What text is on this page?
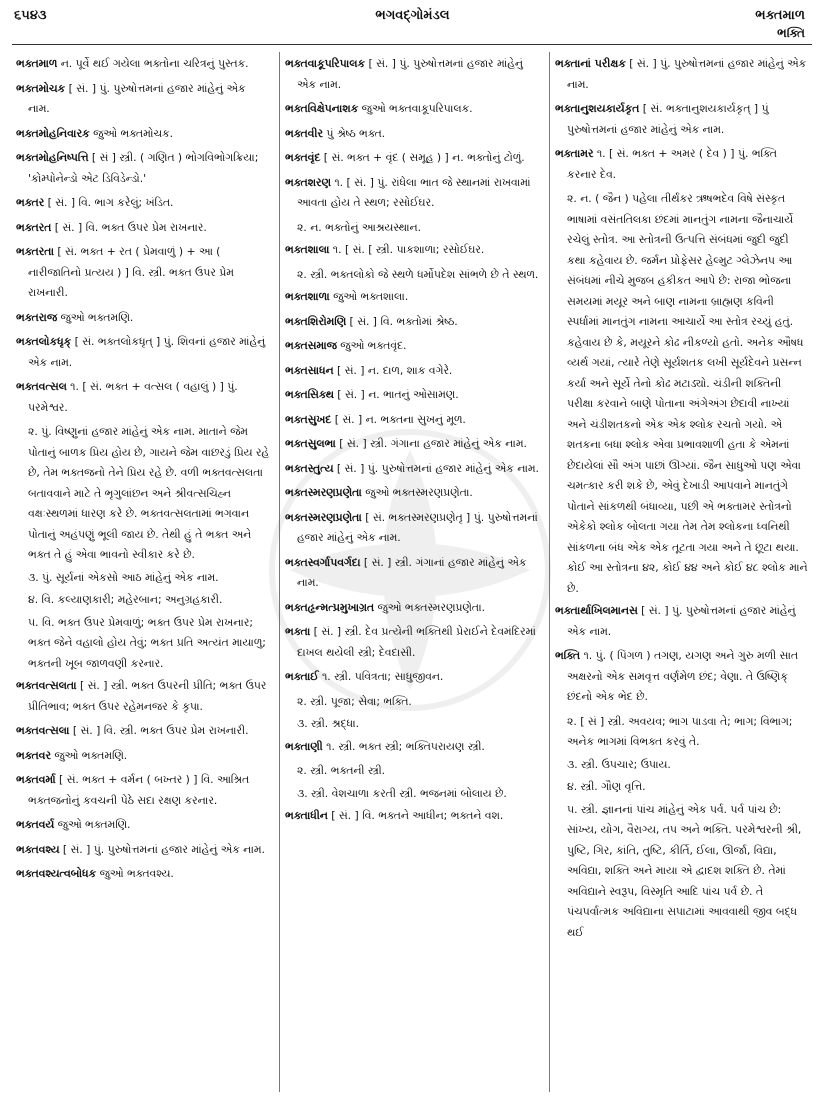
૬૫૪૩	ભગવદ્ગોમંડલ	ભક્તમાળ
ભક્તિ
ભક્તમાળ ન. પૂર્વે થઈ ગયેલા ભક્તોના ચરિત્રનું પુસ્તક.
ભક્તમોચક [ સં. ] પું. પુરુષોત્તમનાં હજાર માંહેનું એક નામ.
ભક્તમોહનિવારક જુઓ ભક્તમોચક.
ભક્તમોહનિષ્પત્તિ [ સં ] સ્ત્રી. ( ગણિત ) ભોગવિભોગક્રિયા; 'કોમ્પોનેન્ડો એટ ડિવિડેન્ડો.'
ભક્તર [ સં. ] વિ. ભાગ કરેલું; ખંડિત.
ભક્તરત [ સં. ] વિ. ભક્ત ઉપર પ્રેમ રાખનાર.
ભક્તરતા [ સં. ભક્ત + રત ( પ્રેમવાળું ) + આ ( નારીજાતિનો પ્રત્યય ) ] વિ. સ્ત્રી. ભક્ત ઉપર પ્રેમ રાખનારી.
ભક્તરાજ જુઓ ભક્તમણિ.
ભક્તલોકધૃક્ [ સં. ભક્તલોકધૃત્ ] પું. શિવનાં હજાર માંહેનું એક નામ.
ભક્તવત્સલ ૧. [ સં. ભક્ત + વત્સલ ( વહાલું ) ] પું. પરમેશ્વર.
૨. પું. વિષ્ણુનાં હજાર માંહેનું એક નામ. માતાને જેમ પોતાનું બાળક પ્રિય હોય છે, ગાયને જેમ વાછરડું પ્રિય રહે છે, તેમ ભક્તજનો તેને પ્રિય રહે છે. વળી ભક્તવત્સલતા બતાવવાને માટે તે ભૃગુલાંછન અને શ્રીવત્સચિહ્ન વક્ષઃસ્થળમાં ધારણ કરે છે. ભક્તવત્સલતામાં ભગવાન પોતાનું અહંપણું ભૂલી જાય છે. તેથી હું તે ભક્ત અને ભક્ત તે હું એવા ભાવનો સ્વીકાર કરે છે.
૩. પું. સૂર્યનાં એકસો આઠ માંહેનું એક નામ.
૪. વિ. કલ્યાણકારી; મહેરબાન; અનુગ્રહકારી.
૫. વિ. ભક્ત ઉપર પ્રેમવાળું; ભક્ત ઉપર પ્રેમ રાખનાર; ભક્ત જેને વહાલો હોય તેવું; ભક્ત પ્રતિ અત્યંત માયાળુ; ભક્તની ખૂબ જાળવણી કરનાર.
ભક્તવત્સલતા [ સં. ] સ્ત્રી. ભક્ત ઉપરની પ્રીતિ; ભક્ત ઉપર પ્રીતિભાવ; ભક્ત ઉપર રહેમનજર કે કૃપા.
ભક્તવત્સલા [ સં. ] વિ. સ્ત્રી. ભક્ત ઉપર પ્રેમ રાખનારી.
ભક્તવર જુઓ ભક્તમણિ.
ભક્તવર્મા [ સં. ભક્ત + વર્મન ( બખ્તર ) ] વિ. આશ્રિત ભક્તજનોનું કવચની પેઠે સદા રક્ષણ કરનાર.
ભક્તવર્ય જુઓ ભક્તમણિ.
ભક્તવશ્ય [ સં. ] પું. પુરુષોત્તમનાં હજાર માંહેનું એક નામ.
ભક્તવશ્યત્વબોધક જુઓ ભક્તવશ્ય.
ભક્તવાકૂપરિપાલક [ સં. ] પું. પુરુષોત્તમનાં હજાર માંહેનું એક નામ.
ભક્તવિક્ષેપનાશક જુઓ ભક્તવાકૂપરિપાલક.
ભક્તવીર પું શ્રેષ્ઠ ભક્ત.
ભક્તવૃંદ [ સં. ભક્ત + વૃંદ ( સમૂહ ) ] ન. ભક્તોનું ટોળું.
ભક્તશરણ ૧. [ સં. ] પું. રાંધેલા ભાત જે સ્થાનમાં રાખવામાં આવતા હોય તે સ્થળ; રસોઈઘર.
૨. ન. ભક્તોનું આશ્રયસ્થાન.
ભક્તશાલા ૧. [ સં. [ સ્ત્રી. પાકશાળા; રસોઈઘર.
૨. સ્ત્રી. ભક્તલોકો જે સ્થળે ધર્મોપદેશ સાંભળે છે તે સ્થળ.
ભક્તશાળા જુઓ ભક્તશાલા.
ભક્તશિરોમણિ [ સં. ] વિ. ભક્તોમાં શ્રેષ્ઠ.
ભક્તસમાજ જુઓ ભક્તવૃંદ.
ભક્તસાધન [ સં. ] ન. દાળ, શાક વગેરે.
ભક્તસિક્થ [ સં. ] ન. ભાતનું ઓસામણ.
ભક્તસુખદ [ સં. ] ન. ભક્તના સુખનું મૂળ.
ભક્તસુલભા [ સં. ] સ્ત્રી. ગંગાના હજાર માંહેનું એક નામ.
ભક્તસ્તુત્ય [ સં. ] પું. પુરુષોત્તમનાં હજાર માંહેનું એક નામ.
ભક્તસ્મરણપ્રણેતા જુઓ ભક્તસ્મરણપ્રણેતા.
ભક્તસ્મરણપ્રણેતા [ સં. ભક્તસ્મરણપ્રણેતૃ ] પું. પુરુષોત્તમનાં હજાર માંહેનું એક નામ.
ભક્તસ્વર્ગાપવર્ગદા [ સં. ] સ્ત્રી. ગંગાનાં હજાર માંહેનું એક નામ.
ભક્તહૃન્મત્પ્રમુખાગ્રત જુઓ ભક્તસ્મરણપ્રણેતા.
ભક્તા [ સં. ] સ્ત્રી. દેવ પ્રત્યેની ભક્તિથી પ્રેરાઈને દેવમંદિરમાં દાખલ થયેલી સ્ત્રી; દેવદાસી.
ભક્તાઈ ૧. સ્ત્રી. પવિત્રતા; સાધુજીવન.
૨. સ્ત્રી. પૂજા; સેવા; ભક્તિ.
૩. સ્ત્રી. શ્રદ્ધા.
ભક્તાણી ૧. સ્ત્રી. ભક્ત સ્ત્રી; ભક્તિપરાયણ સ્ત્રી.
૨. સ્ત્રી. ભક્તની સ્ત્રી.
૩. સ્ત્રી. વેશચાળા કરતી સ્ત્રી. ભજનમાં બોલાય છે.
ભક્તાધીન [ સં. ] વિ. ભક્તને આધીન; ભક્તને વશ.
ભક્તાનાં પરીક્ષક [ સં. ] પું. પુરુષોત્તમનાં હજાર માંહેનું એક નામ.
ભક્તાનુશયકાર્યકૃત [ સં. ભક્તાનુશયકાર્યકૃત્ ] પું પુરુષોત્તમનાં હજાર માંહેનું એક નામ.
ભક્તામર ૧. [ સં. ભક્ત + અમર ( દેવ ) ] પું. ભક્તિ કરનાર દેવ.
૨. ન. ( જૈન ) પહેલા તીર્થંકર ઋષભદેવ વિષે સંસ્કૃત ભાષામાં વસંતતિલકા છંદમાં માનતુંગ નામના જૈનાચાર્યે રચેલું સ્તોત્ર. આ સ્તોત્રની ઉત્પત્તિ સંબંધમાં જુદી જુદી કથા કહેવાય છે. જર્મન પ્રોફેસર હેલ્મુટ ગ્લેઝેનપ આ સંબંધમાં નીચે મુજબ હકીકત આપે છે: રાજા ભોજના સમયમાં મયૂર અને બાણ નામના બ્રાહ્મણ કવિની સ્પર્ધામાં માનતુંગ નામના આચાર્યે આ સ્તોત્ર રચ્યું હતું. કહેવાય છે કે, મયૂરને કોઢ નીકળ્યો હતો. અનેક ઔષધ વ્યર્થ ગયાં, ત્યારે તેણે સૂર્યશતક લખી સૂર્યદેવને પ્રસન્ન કર્યા અને સૂર્યે તેનો કોઢ મટાડ્યો. ચંડીની શક્તિની પરીક્ષા કરવાને બાણે પોતાના અંગેઅંગ છેદાવી નાખ્યાં અને ચંડીશતકનો એક એક શ્લોક રચતો ગયો. એ શતકના બધા શ્લોક એવા પ્રભાવશાળી હતા કે એમનાં છેદાયેલાં સૌ અંગ પાછાં ઊગ્યાં. જૈન સાધુઓ પણ એવા ચમત્કાર કરી શકે છે, એવું દેખાડી આપવાને માનતુંગે પોતાને સાંકળથી બંધાવ્યા, પછી એ ભક્તામર સ્તોત્રનો એકેકો શ્લોક બોલતા ગયા તેમ તેમ શ્લોકના ધ્વનિથી સાંકળના બંધ એક એક તૂટતા ગયા અને તે છૂટા થયા. કોઈ આ સ્તોત્રના ૪૨, કોઈ ૪૪ અને કોઈ ૪૮ શ્લોક માને છે.
ભક્તાર્થાખિલમાનસ [ સં. ] પું. પુરુષોત્તમનાં હજાર માંહેનું એક નામ.
ભક્તિ ૧. પું. ( પિંગળ ) તગણ, યગણ અને ગુરુ મળી સાત અક્ષરનો એક સમવૃત્ત વર્ણમેળ છંદ; વેણા. તે ઉષ્ણિક્ છંદનો એક ભેદ છે.
૨. [ સં ] સ્ત્રી. અવયવ; ભાગ પાડવા તે; ભાગ; વિભાગ; અનેક ભાગમાં વિભક્ત કરવું તે.
૩. સ્ત્રી. ઉપચાર; ઉપાય.
૪. સ્ત્રી. ગૌણ વૃત્તિ.
૫. સ્ત્રી. જ્ઞાનનાં પાંચ માંહેનું એક પર્વ. પર્વ પાંચ છે: સાંખ્ય, યોગ, વૈરાગ્ય, તપ અને ભક્તિ. પરમેશ્વરની શ્રી, પુષ્ટિ, ગિર, કાંતિ, તુષ્ટિ, કીર્તિ, ઈલા, ઊર્જા, વિદ્યા, અવિદ્યા, શક્તિ અને માયા એ દ્વાદશ શક્તિ છે. તેમાં અવિદ્યાને સ્વરૂપ, વિસ્મૃતિ આદિ પાંચ પર્વ છે. તે પંચપર્વાત્મક અવિદ્યાના સપાટામાં આવવાથી જીવ બદ્ધ થઈ
